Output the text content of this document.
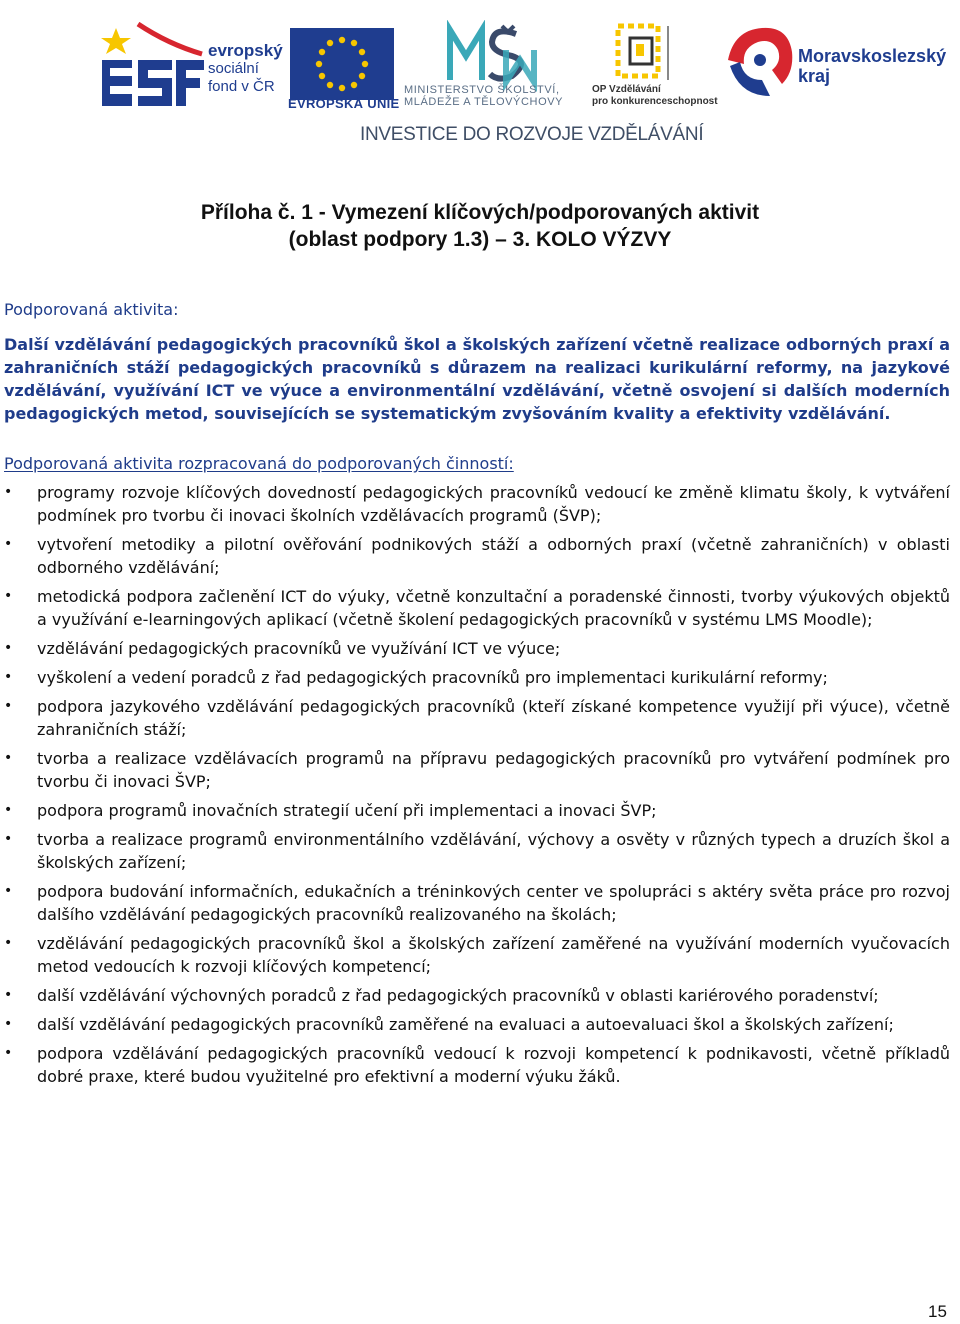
evropský
sociální
fond v ČR
EVROPSKÁ UNIE
MINISTERSTVO ŠKOLSTVÍ,
MLÁDEŽE A TĚLOVÝCHOVY
OP Vzdělávání
pro konkurenceschopnost
Moravskoslezský
kraj
INVESTICE DO ROZVOJE VZDĚLÁVÁNÍ
Příloha č. 1 - Vymezení klíčových/podporovaných aktivit
(oblast podpory 1.3) – 3. KOLO VÝZVY
Podporovaná aktivita:
Další vzdělávání pedagogických pracovníků škol a školských zařízení včetně realizace odborných praxí a zahraničních stáží pedagogických pracovníků s důrazem na realizaci kurikulární reformy, na jazykové vzdělávání, využívání ICT ve výuce a environmentální vzdělávání, včetně osvojení si dalších moderních pedagogických metod, souvisejících se systematickým zvyšováním kvality a efektivity vzdělávání.
Podporovaná aktivita rozpracovaná do podporovaných činností:
• programy rozvoje klíčových dovedností pedagogických pracovníků vedoucí ke změně klimatu školy, k vytváření podmínek pro tvorbu či inovaci školních vzdělávacích programů (ŠVP);
• vytvoření metodiky a pilotní ověřování podnikových stáží a odborných praxí (včetně zahraničních) v oblasti odborného vzdělávání;
• metodická podpora začlenění ICT do výuky, včetně konzultační a poradenské činnosti, tvorby výukových objektů a využívání e-learningových aplikací (včetně školení pedagogických pracovníků v systému LMS Moodle);
• vzdělávání pedagogických pracovníků ve využívání ICT ve výuce;
• vyškolení a vedení poradců z řad pedagogických pracovníků pro implementaci kurikulární reformy;
• podpora jazykového vzdělávání pedagogických pracovníků (kteří získané kompetence využijí při výuce), včetně zahraničních stáží;
• tvorba a realizace vzdělávacích programů na přípravu pedagogických pracovníků pro vytváření podmínek pro tvorbu či inovaci ŠVP;
• podpora programů inovačních strategií učení při implementaci a inovaci ŠVP;
• tvorba a realizace programů environmentálního vzdělávání, výchovy a osvěty v různých typech a druzích škol a školských zařízení;
• podpora budování informačních, edukačních a tréninkových center ve spolupráci s aktéry světa práce pro rozvoj dalšího vzdělávání pedagogických pracovníků realizovaného na školách;
• vzdělávání pedagogických pracovníků škol a školských zařízení zaměřené na využívání moderních vyučovacích metod vedoucích k rozvoji klíčových kompetencí;
• další vzdělávání výchovných poradců z řad pedagogických pracovníků v oblasti kariérového poradenství;
• další vzdělávání pedagogických pracovníků zaměřené na evaluaci a autoevaluaci škol a školských zařízení;
• podpora vzdělávání pedagogických pracovníků vedoucí k rozvoji kompetencí k podnikavosti, včetně příkladů dobré praxe, které budou využitelné pro efektivní a moderní výuku žáků.
15
